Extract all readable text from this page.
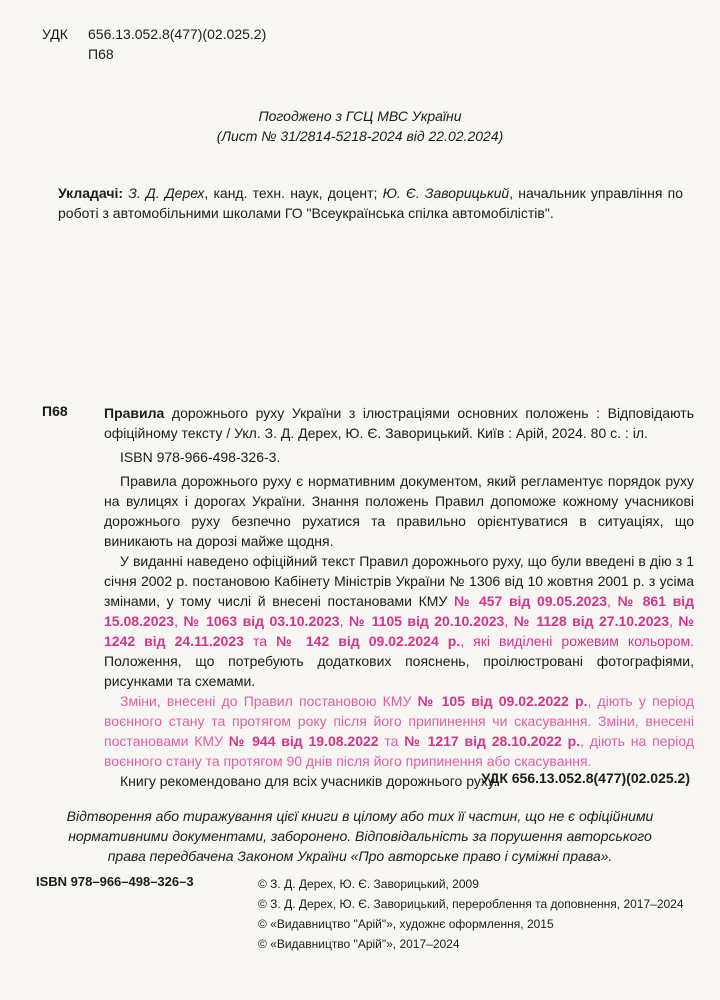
УДК 656.13.052.8(477)(02.025.2)
П68
Погоджено з ГСЦ МВС України
(Лист № 31/2814-5218-2024 від 22.02.2024)
Укладачі: З. Д. Дерех, канд. техн. наук, доцент; Ю. Є. Заворицький, начальник управління по роботі з автомобільними школами ГО "Всеукраїнська спілка автомобілістів".
П68	Правила дорожнього руху України з ілюстраціями основних положень : Відповідають офіційному тексту / Укл. З. Д. Дерех, Ю. Є. Заворицький. Київ : Арій, 2024. 80 с. : іл.

ISBN 978-966-498-326-3.

Правила дорожнього руху є нормативним документом, який регламентує порядок руху на вулицях і дорогах України. Знання положень Правил допоможе кожному учасникові дорожнього руху безпечно рухатися та правильно орієнтуватися в ситуаціях, що виникають на дорозі майже щодня.

У виданні наведено офіційний текст Правил дорожнього руху, що були введені в дію з 1 січня 2002 р. постановою Кабінету Міністрів України № 1306 від 10 жовтня 2001 р. з усіма змінами, у тому числі й внесені постановами КМУ № 457 від 09.05.2023, № 861 від 15.08.2023, № 1063 від 03.10.2023, № 1105 від 20.10.2023, № 1128 від 27.10.2023, № 1242 від 24.11.2023 та № 142 від 09.02.2024 р., які виділені рожевим кольором. Положення, що потребують додаткових пояснень, проілюстровані фотографіями, рисунками та схемами.

Зміни, внесені до Правил постановою КМУ № 105 від 09.02.2022 р., діють у період воєнного стану та протягом року після його припинення чи скасування. Зміни, внесені постановами КМУ № 944 від 19.08.2022 та № 1217 від 28.10.2022 р., діють на період воєнного стану та протягом 90 днів після його припинення або скасування.

Книгу рекомендовано для всіх учасників дорожнього руху.

УДК 656.13.052.8(477)(02.025.2)
Відтворення або тиражування цієї книги в цілому або тих її частин, що не є офіційними нормативними документами, заборонено. Відповідальність за порушення авторського права передбачена Законом України «Про авторське право і суміжні права».
ISBN 978–966–498–326–3	© З. Д. Дерех, Ю. Є. Заворицький, 2009
© З. Д. Дерех, Ю. Є. Заворицький, перероблення та доповнення, 2017–2024
© «Видавництво "Арій"», художнє оформлення, 2015
© «Видавництво "Арій"», 2017–2024
